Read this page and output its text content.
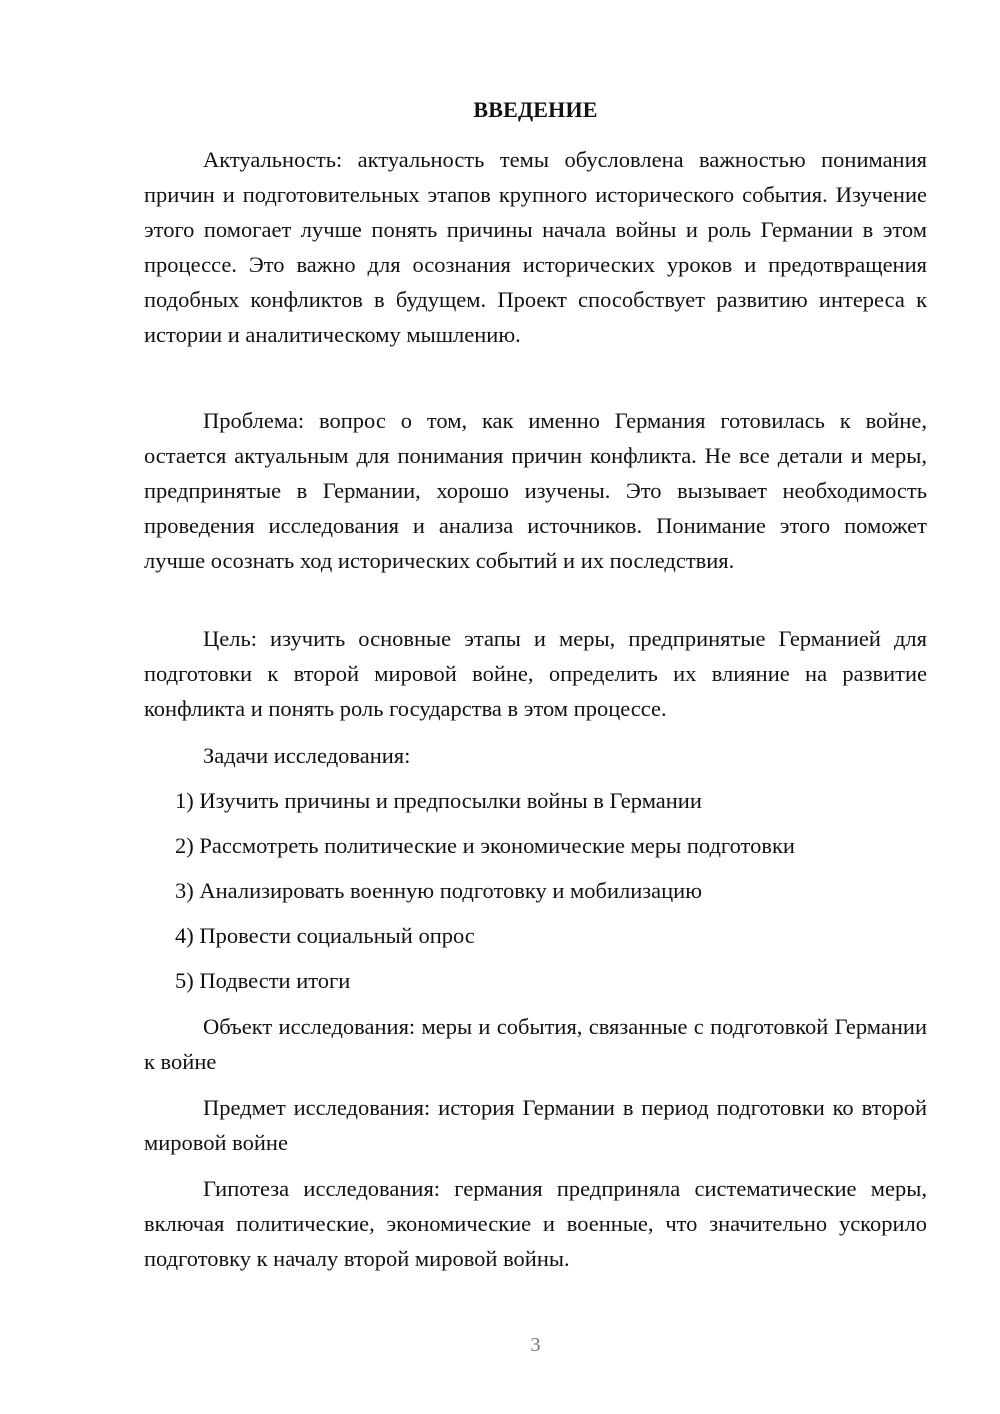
ВВЕДЕНИЕ

Актуальность: актуальность темы обусловлена важностью понимания причин и подготовительных этапов крупного исторического события. Изучение этого помогает лучше понять причины начала войны и роль Германии в этом процессе. Это важно для осознания исторических уроков и предотвращения подобных конфликтов в будущем. Проект способствует развитию интереса к истории и аналитическому мышлению.

Проблема: вопрос о том, как именно Германия готовилась к войне, остается актуальным для понимания причин конфликта. Не все детали и меры, предпринятые в Германии, хорошо изучены. Это вызывает необходимость проведения исследования и анализа источников. Понимание этого поможет лучше осознать ход исторических событий и их последствия.

Цель: изучить основные этапы и меры, предпринятые Германией для подготовки к второй мировой войне, определить их влияние на развитие конфликта и понять роль государства в этом процессе.

Задачи исследования:

1) Изучить причины и предпосылки войны в Германии

2) Рассмотреть политические и экономические меры подготовки

3) Анализировать военную подготовку и мобилизацию

4) Провести социальный опрос

5) Подвести итоги

Объект исследования: меры и события, связанные с подготовкой Германии к войне

Предмет исследования: история Германии в период подготовки ко второй мировой войне

Гипотеза исследования: германия предприняла систематические меры, включая политические, экономические и военные, что значительно ускорило подготовку к началу второй мировой войны.

3
